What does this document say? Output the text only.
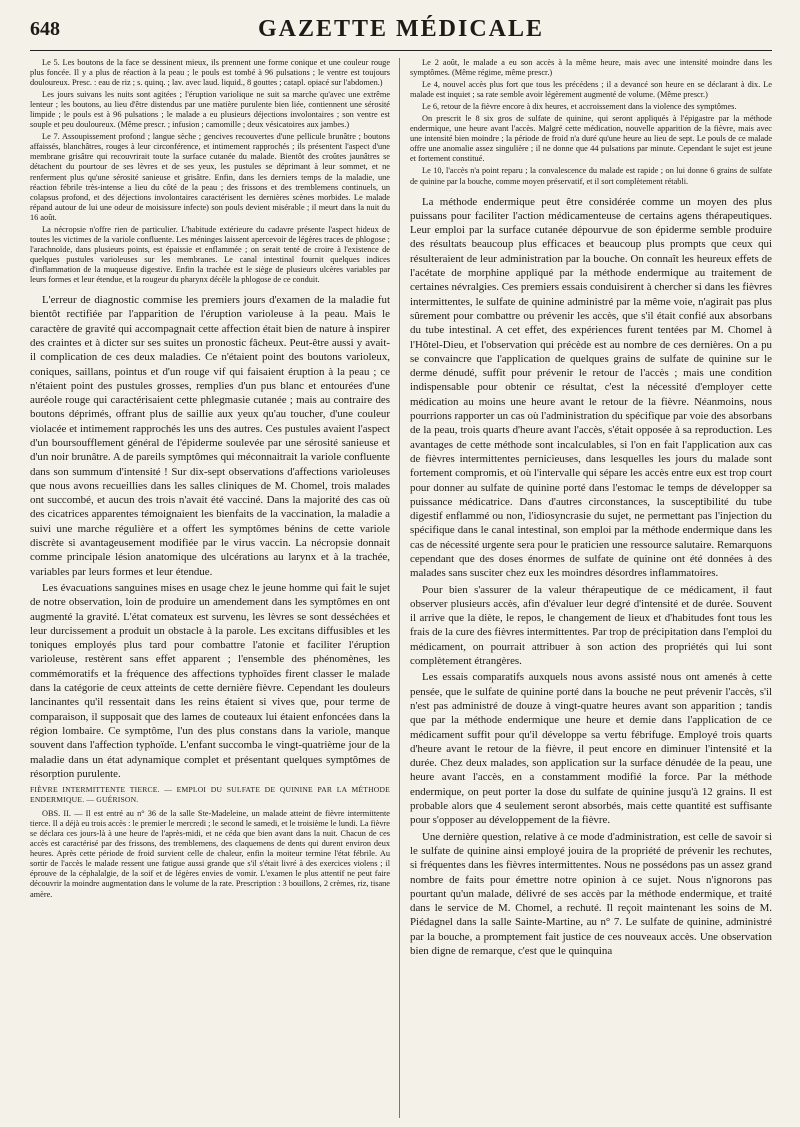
648	GAZETTE MÉDICALE

Le 5. Les boutons de la face se dessinent mieux, ils prennent une forme conique et une couleur rouge plus foncée. Il y a plus de réaction à la peau ; le pouls est tombé à 96 pulsations ; le ventre est toujours douloureux. Presc. : eau de riz ; s. quinq. ; lav. avec laud. liquid., 8 gouttes ; catapl. opiacé sur l'abdomen.)

Les jours suivans les nuits sont agitées ; l'éruption variolique ne suit sa marche qu'avec une extrême lenteur ; les boutons, au lieu d'être distendus par une matière purulente bien liée, contiennent une sérosité limpide ; le pouls est à 96 pulsations ; le malade a eu plusieurs déjections involontaires ; son ventre est souple et peu douloureux. (Même prescr. ; infusion ; camomille ; deux vésicatoires aux jambes.)

Le 7. Assoupissement profond ; langue sèche ; gencives recouvertes d'une pellicule brunâtre ; boutons affaissés, blanchâtres, rouges à leur circonférence, et intimement rapprochés ; ils présentent l'aspect d'une membrane grisâtre qui recouvrirait toute la surface cutanée du malade. Bientôt des croûtes jaunâtres se détachent du pourtour de ses lèvres et de ses yeux, les pustules se déprimant à leur sommet, et ne renferment plus qu'une sérosité sanieuse et grisâtre. Enfin, dans les derniers temps de la maladie, une réaction fébrile très-intense a lieu du côté de la peau ; des frissons et des tremblemens continuels, un colapsus profond, et des déjections involontaires caractérisent les dernières scènes morbides. Le malade répand autour de lui une odeur de moisissure infecte) son pouls devient misérable ; il meurt dans la nuit du 16 août.

La nécropsie n'offre rien de particulier. L'habitude extérieure du cadavre présente l'aspect hideux de toutes les victimes de la variole confluente. Les méninges laissent apercevoir de légères traces de phlogose ; l'arachnoïde, dans plusieurs points, est épaissie et enflammée ; on serait tenté de croire à l'existence de quelques pustules varioleuses sur les membranes. Le canal intestinal fournit quelques indices d'inflammation de la muqueuse digestive. Enfin la trachée est le siège de plusieurs ulcères variables par leurs formes et leur étendue, et la rougeur du pharynx décèle la phlogose de ce conduit.

L'erreur de diagnostic commise les premiers jours d'examen de la maladie fut bientôt rectifiée par l'apparition de l'éruption varioleuse à la peau. Mais le caractère de gravité qui accompagnait cette affection était bien de nature à inspirer des craintes et à dicter sur ses suites un pronostic fâcheux. Peut-être aussi y avait-il complication de ces deux maladies. Ce n'étaient point des boutons varioleux, coniques, saillans, pointus et d'un rouge vif qui faisaient éruption à la peau ; ce n'étaient point des pustules grosses, remplies d'un pus blanc et entourées d'une auréole rouge qui caractérisaient cette phlegmasie cutanée ; mais au contraire des boutons déprimés, offrant plus de saillie aux yeux qu'au toucher, d'une couleur violacée et intimement rapprochés les uns des autres. Ces pustules avaient l'aspect d'un boursoufflement général de l'épiderme soulevée par une sérosité sanieuse et d'un noir brunâtre. A de pareils symptômes qui méconnaitrait la variole confluente dans son summum d'intensité ! Sur dix-sept observations d'affections varioleuses que nous avons recueillies dans les salles cliniques de M. Chomel, trois malades ont succombé, et aucun des trois n'avait été vacciné. Dans la majorité des cas où des cicatrices apparentes témoignaient les bienfaits de la vaccination, la maladie a suivi une marche régulière et a offert les symptômes bénins de cette variole discrète si avantageusement modifiée par le virus vaccin. La nécropsie donnait comme principale lésion anatomique des ulcérations au larynx et à la trachée, variables par leurs formes et leur étendue.

Les évacuations sanguines mises en usage chez le jeune homme qui fait le sujet de notre observation, loin de produire un amendement dans les symptômes en ont augmenté la gravité. L'état comateux est survenu, les lèvres se sont desséchées et leur durcissement a produit un obstacle à la parole. Les excitans diffusibles et les toniques employés plus tard pour combattre l'atonie et faciliter l'éruption varioleuse, restèrent sans effet apparent ; l'ensemble des phénomènes, les commémoratifs et la fréquence des affections typhoïdes firent classer le malade dans la catégorie de ceux atteints de cette dernière fièvre. Cependant les douleurs lancinantes qu'il ressentait dans les reins étaient si vives que, pour terme de comparaison, il supposait que des lames de couteaux lui étaient enfoncées dans la région lombaire. Ce symptôme, l'un des plus constans dans la variole, manque souvent dans l'affection typhoïde. L'enfant succomba le vingt-quatrième jour de la maladie dans un état adynamique complet et présentant quelques symptômes de résorption purulente.

FIÈVRE INTERMITTENTE TIERCE. — EMPLOI DU SULFATE DE QUININE PAR LA MÉTHODE ENDERMIQUE. — GUÉRISON.

OBS. II. — Il est entré au n° 36 de la salle Ste-Madeleine, un malade atteint de fièvre intermittente tierce. Il a déjà eu trois accès : le premier le mercredi ; le second le samedi, et le troisième le lundi. La fièvre se déclara ces jours-là à une heure de l'après-midi, et ne céda que bien avant dans la nuit. Chacun de ces accès est caractérisé par des frissons, des tremblemens, des claquemens de dents qui durent environ deux heures. Après cette période de froid survient celle de chaleur, enfin la moiteur termine l'état fébrile. Au sortir de l'accès le malade ressent une fatigue aussi grande que s'il s'était livré à des exercices violens ; il éprouve de la céphalalgie, de la soif et de légères envies de vomir. L'examen le plus attentif ne peut faire découvrir la moindre augmentation dans le volume de la rate. Prescription : 3 bouillons, 2 crèmes, riz, tisane amère.

Le 2 août, le malade a eu son accès à la même heure, mais avec une intensité moindre dans les symptômes. (Même régime, même prescr.)

Le 4, nouvel accès plus fort que tous les précédens ; il a devancé son heure en se déclarant à dix. Le malade est inquiet ; sa rate semble avoir légèrement augmenté de volume. (Même prescr.)

Le 6, retour de la fièvre encore à dix heures, et accroissement dans la violence des symptômes.

On prescrit le 8 six gros de sulfate de quinine, qui seront appliqués à l'épigastre par la méthode endermique, une heure avant l'accès. Malgré cette médication, nouvelle apparition de la fièvre, mais avec une intensité bien moindre ; la période de froid n'a duré qu'une heure au lieu de sept. Le pouls de ce malade offre une anomalie assez singulière ; il ne donne que 44 pulsations par minute. Cependant le sujet est jeune et fortement constitué.

Le 10, l'accès n'a point reparu ; la convalescence du malade est rapide ; on lui donne 6 grains de sulfate de quinine par la bouche, comme moyen préservatif, et il sort complètement rétabli.

La méthode endermique peut être considérée comme un moyen des plus puissans pour faciliter l'action médicamenteuse de certains agens thérapeutiques. Leur emploi par la surface cutanée dépourvue de son épiderme semble produire des résultats beaucoup plus efficaces et beaucoup plus prompts que ceux qui résulteraient de leur administration par la bouche. On connaît les heureux effets de l'acétate de morphine appliqué par la méthode endermique au traitement de certaines névralgies. Ces premiers essais conduisirent à chercher si dans les fièvres intermittentes, le sulfate de quinine administré par la même voie, n'agirait pas plus sûrement pour combattre ou prévenir les accès, que s'il était confié aux absorbans du tube intestinal. A cet effet, des expériences furent tentées par M. Chomel à l'Hôtel-Dieu, et l'observation qui précède est au nombre de ces dernières. On a pu se convaincre que l'application de quelques grains de sulfate de quinine sur le derme dénudé, suffit pour prévenir le retour de l'accès ; mais une condition indispensable pour obtenir ce résultat, c'est la nécessité d'employer cette médication au moins une heure avant le retour de la fièvre. Néanmoins, nous pourrions rapporter un cas où l'administration du spécifique par voie des absorbans de la peau, trois quarts d'heure avant l'accès, s'était opposée à sa reproduction. Les avantages de cette méthode sont incalculables, si l'on en fait l'application aux cas de fièvres intermittentes pernicieuses, dans lesquelles les jours du malade sont fortement compromis, et où l'intervalle qui sépare les accès entre eux est trop court pour donner au sulfate de quinine porté dans l'estomac le temps de développer sa puissance médicatrice. Dans d'autres circonstances, la susceptibilité du tube digestif enflammé ou non, l'idiosyncrasie du sujet, ne permettant pas l'injection du spécifique dans le canal intestinal, son emploi par la méthode endermique dans les cas de nécessité urgente sera pour le praticien une ressource salutaire. Remarquons cependant que des doses énormes de sulfate de quinine ont été données à des malades sans susciter chez eux les moindres désordres inflammatoires.

Pour bien s'assurer de la valeur thérapeutique de ce médicament, il faut observer plusieurs accès, afin d'évaluer leur degré d'intensité et de durée. Souvent il arrive que la diète, le repos, le changement de lieux et d'habitudes font tous les frais de la cure des fièvres intermittentes. Par trop de précipitation dans l'emploi du médicament, on pourrait attribuer à son action des propriétés qui lui sont complètement étrangères.

Les essais comparatifs auxquels nous avons assisté nous ont amenés à cette pensée, que le sulfate de quinine porté dans la bouche ne peut prévenir l'accès, s'il n'est pas administré de douze à vingt-quatre heures avant son apparition ; tandis que par la méthode endermique une heure et demie dans l'application de ce médicament suffit pour qu'il développe sa vertu fébrifuge. Employé trois quarts d'heure avant le retour de la fièvre, il peut encore en diminuer l'intensité et la durée. Chez deux malades, son application sur la surface dénudée de la peau, une heure avant l'accès, en a constamment modifié la force. Par la méthode endermique, on peut porter la dose du sulfate de quinine jusqu'à 12 grains. Il est probable alors que 4 seulement seront absorbés, mais cette quantité est suffisante pour s'opposer au développement de la fièvre.

Une dernière question, relative à ce mode d'administration, est celle de savoir si le sulfate de quinine ainsi employé jouira de la propriété de prévenir les rechutes, si fréquentes dans les fièvres intermittentes. Nous ne possédons pas un assez grand nombre de faits pour émettre notre opinion à ce sujet. Nous n'ignorons pas pourtant qu'un malade, délivré de ses accès par la méthode endermique, et traité dans le service de M. Chomel, a rechuté. Il reçoit maintenant les soins de M. Piédagnel dans la salle Sainte-Martine, au n° 7. Le sulfate de quinine, administré par la bouche, a promptement fait justice de ces nouveaux accès. Une observation bien digne de remarque, c'est que le quinquina
